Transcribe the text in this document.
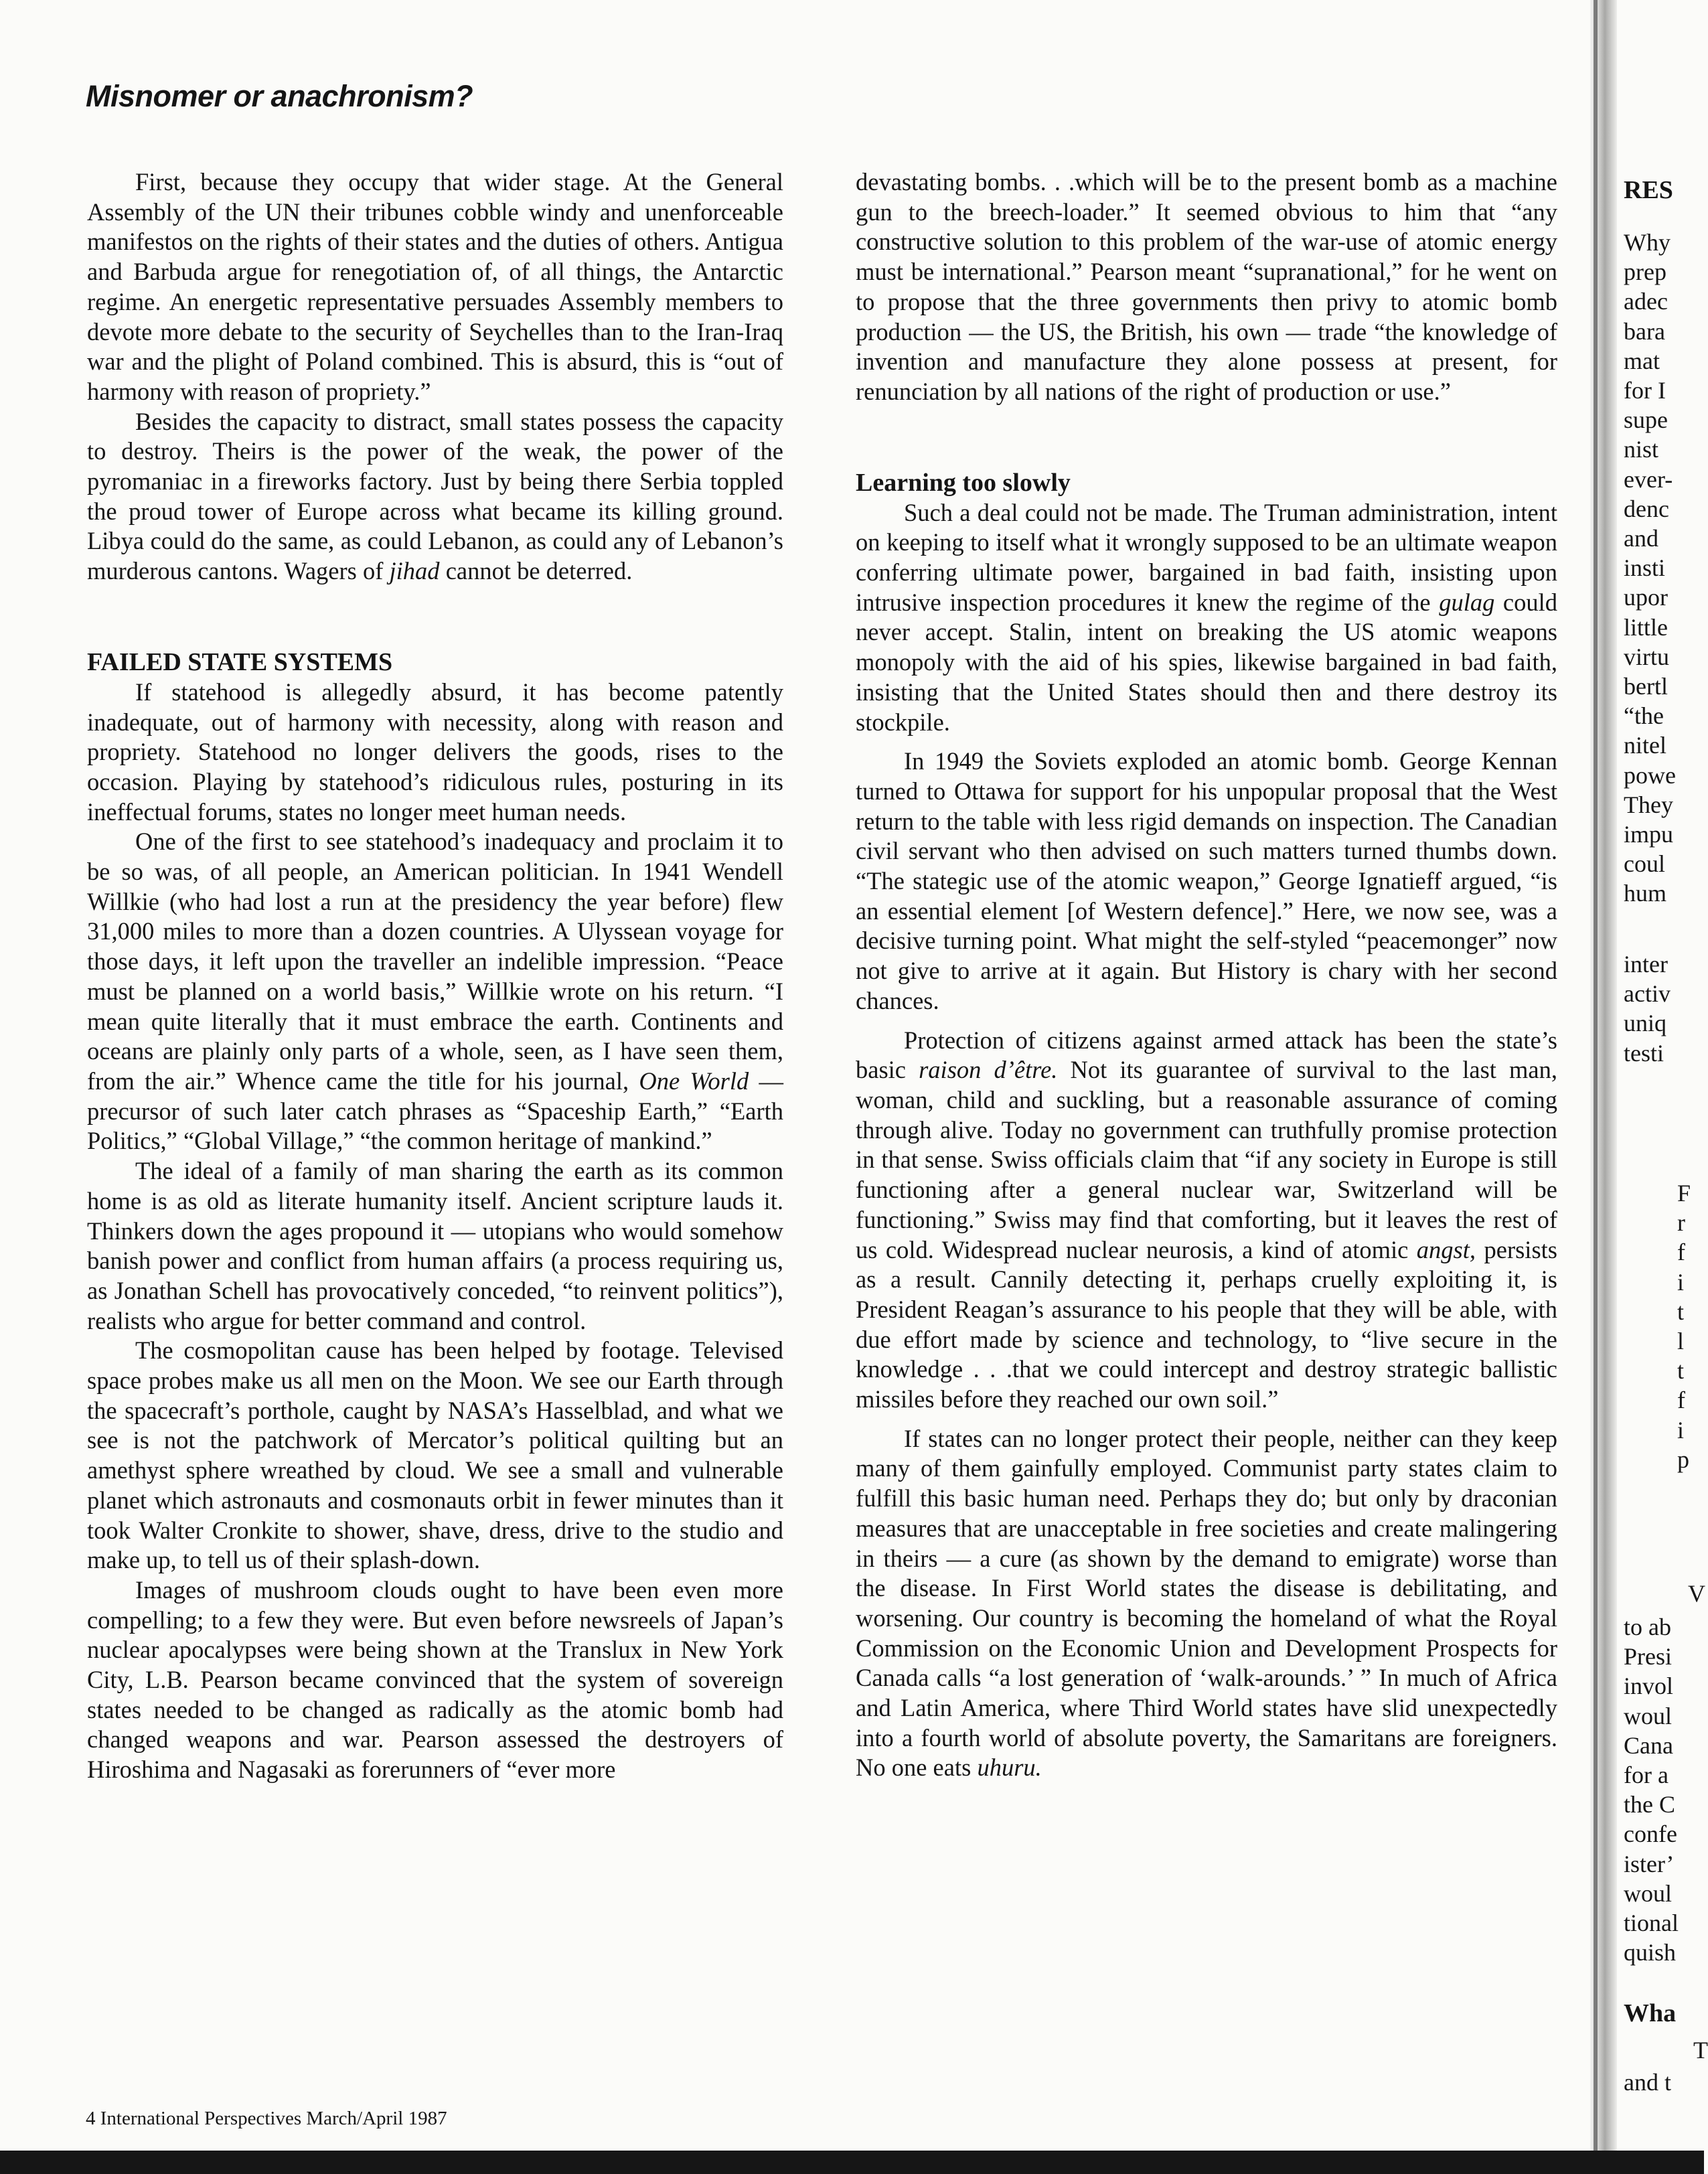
Misnomer or anachronism?

First, because they occupy that wider stage. At the General Assembly of the UN their tribunes cobble windy and unenforceable manifestos on the rights of their states and the duties of others. Antigua and Barbuda argue for renegotiation of, of all things, the Antarctic regime. An energetic representative persuades Assembly members to devote more debate to the security of Seychelles than to the Iran-Iraq war and the plight of Poland combined. This is absurd, this is “out of harmony with reason of propriety.”

Besides the capacity to distract, small states possess the capacity to destroy. Theirs is the power of the weak, the power of the pyromaniac in a fireworks factory. Just by being there Serbia toppled the proud tower of Europe across what became its killing ground. Libya could do the same, as could Lebanon, as could any of Lebanon’s murderous cantons. Wagers of jihad cannot be deterred.

FAILED STATE SYSTEMS

If statehood is allegedly absurd, it has become patently inadequate, out of harmony with necessity, along with reason and propriety. Statehood no longer delivers the goods, rises to the occasion. Playing by statehood’s ridiculous rules, posturing in its ineffectual forums, states no longer meet human needs.

One of the first to see statehood’s inadequacy and proclaim it to be so was, of all people, an American politician. In 1941 Wendell Willkie (who had lost a run at the presidency the year before) flew 31,000 miles to more than a dozen countries. A Ulyssean voyage for those days, it left upon the traveller an indelible impression. “Peace must be planned on a world basis,” Willkie wrote on his return. “I mean quite literally that it must embrace the earth. Continents and oceans are plainly only parts of a whole, seen, as I have seen them, from the air.” Whence came the title for his journal, One World — precursor of such later catch phrases as “Spaceship Earth,” “Earth Politics,” “Global Village,” “the common heritage of mankind.”

The ideal of a family of man sharing the earth as its common home is as old as literate humanity itself. Ancient scripture lauds it. Thinkers down the ages propound it — utopians who would somehow banish power and conflict from human affairs (a process requiring us, as Jonathan Schell has provocatively conceded, “to reinvent politics”), realists who argue for better command and control.

The cosmopolitan cause has been helped by footage. Televised space probes make us all men on the Moon. We see our Earth through the spacecraft’s porthole, caught by NASA’s Hasselblad, and what we see is not the patchwork of Mercator’s political quilting but an amethyst sphere wreathed by cloud. We see a small and vulnerable planet which astronauts and cosmonauts orbit in fewer minutes than it took Walter Cronkite to shower, shave, dress, drive to the studio and make up, to tell us of their splash-down.

Images of mushroom clouds ought to have been even more compelling; to a few they were. But even before newsreels of Japan’s nuclear apocalypses were being shown at the Translux in New York City, L.B. Pearson became convinced that the system of sovereign states needed to be changed as radically as the atomic bomb had changed weapons and war. Pearson assessed the destroyers of Hiroshima and Nagasaki as forerunners of “ever more

devastating bombs. . .which will be to the present bomb as a machine gun to the breech-loader.” It seemed obvious to him that “any constructive solution to this problem of the war-use of atomic energy must be international.” Pearson meant “supranational,” for he went on to propose that the three governments then privy to atomic bomb production — the US, the British, his own — trade “the knowledge of invention and manufacture they alone possess at present, for renunciation by all nations of the right of production or use.”

Learning too slowly

Such a deal could not be made. The Truman administration, intent on keeping to itself what it wrongly supposed to be an ultimate weapon conferring ultimate power, bargained in bad faith, insisting upon intrusive inspection procedures it knew the regime of the gulag could never accept. Stalin, intent on breaking the US atomic weapons monopoly with the aid of his spies, likewise bargained in bad faith, insisting that the United States should then and there destroy its stockpile.

In 1949 the Soviets exploded an atomic bomb. George Kennan turned to Ottawa for support for his unpopular proposal that the West return to the table with less rigid demands on inspection. The Canadian civil servant who then advised on such matters turned thumbs down. “The stategic use of the atomic weapon,” George Ignatieff argued, “is an essential element [of Western defence].” Here, we now see, was a decisive turning point. What might the self-styled “peacemonger” now not give to arrive at it again. But History is chary with her second chances.

Protection of citizens against armed attack has been the state’s basic raison d’être. Not its guarantee of survival to the last man, woman, child and suckling, but a reasonable assurance of coming through alive. Today no government can truthfully promise protection in that sense. Swiss officials claim that “if any society in Europe is still functioning after a general nuclear war, Switzerland will be functioning.” Swiss may find that comforting, but it leaves the rest of us cold. Widespread nuclear neurosis, a kind of atomic angst, persists as a result. Cannily detecting it, perhaps cruelly exploiting it, is President Reagan’s assurance to his people that they will be able, with due effort made by science and technology, to “live secure in the knowledge . . .that we could intercept and destroy strategic ballistic missiles before they reached our own soil.”

If states can no longer protect their people, neither can they keep many of them gainfully employed. Communist party states claim to fulfill this basic human need. Perhaps they do; but only by draconian measures that are unacceptable in free societies and create malingering in theirs — a cure (as shown by the demand to emigrate) worse than the disease. In First World states the disease is debilitating, and worsening. Our country is becoming the homeland of what the Royal Commission on the Economic Union and Development Prospects for Canada calls “a lost generation of ‘walk-arounds.’ ” In much of Africa and Latin America, where Third World states have slid unexpectedly into a fourth world of absolute poverty, the Samaritans are foreigners. No one eats uhuru.

RES
Why
prep
adec
bara
mat
for I
supe
nist
ever-
denc
and
insti
upor
little
virtu
bertl
“the
nitel
powe
They
impu
coul
hum
inter
activ
uniq
testi
F
r
f
i
t
l
t
f
i
p
V
to ab
Presi
invol
woul
Cana
for a
the C
confe
ister’
woul
tional
quish
Wha
T
and t
4 International Perspectives March/April 1987
